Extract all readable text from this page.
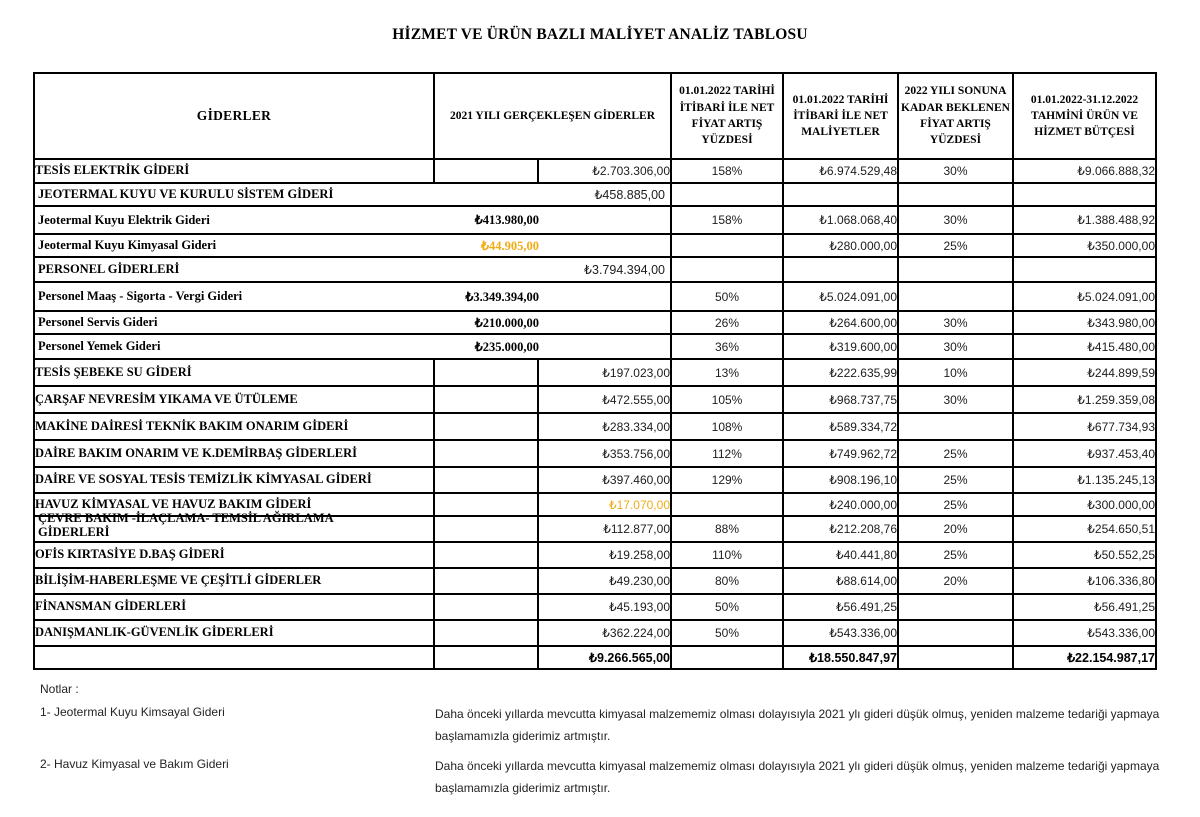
HİZMET VE ÜRÜN BAZLI MALİYET ANALİZ TABLOSU
GİDERLER	2021 YILI GERÇEKLEŞEN GİDERLER		01.01.2022 TARİHİ İTİBARİ İLE NET FİYAT ARTIŞ YÜZDESİ	01.01.2022 TARİHİ İTİBARİ İLE NET MALİYETLER	2022 YILI SONUNA KADAR BEKLENEN FİYAT ARTIŞ YÜZDESİ	01.01.2022-31.12.2022 TAHMİNİ ÜRÜN VE HİZMET BÜTÇESİ
TESİS ELEKTRİK GİDERİ		₺2.703.306,00	158%	₺6.974.529,48	30%	₺9.066.888,32

JEOTERMAL KUYU VE KURULU SİSTEM GİDERİ ₺458.885,00						

Jeotermal Kuyu Elektrik Gideri ₺413.980,00			158%	₺1.068.068,40	30%	₺1.388.488,92

Jeotermal Kuyu Kimyasal Gideri ₺44.905,00				₺280.000,00	25%	₺350.000,00

PERSONEL GİDERLERİ ₺3.794.394,00						

Personel Maaş - Sigorta - Vergi Gideri ₺3.349.394,00			50%	₺5.024.091,00		₺5.024.091,00

Personel Servis Gideri ₺210.000,00			26%	₺264.600,00	30%	₺343.980,00

Personel Yemek Gideri ₺235.000,00			36%	₺319.600,00	30%	₺415.480,00
TESİS ŞEBEKE SU GİDERİ		₺197.023,00	13%	₺222.635,99	10%	₺244.899,59
ÇARŞAF NEVRESİM YIKAMA VE ÜTÜLEME		₺472.555,00	105%	₺968.737,75	30%	₺1.259.359,08
MAKİNE DAİRESİ TEKNİK BAKIM ONARIM GİDERİ		₺283.334,00	108%	₺589.334,72		₺677.734,93
DAİRE BAKIM ONARIM VE K.DEMİRBAŞ GİDERLERİ		₺353.756,00	112%	₺749.962,72	25%	₺937.453,40
DAİRE VE SOSYAL TESİS TEMİZLİK KİMYASAL GİDERİ		₺397.460,00	129%	₺908.196,10	25%	₺1.135.245,13
HAVUZ KİMYASAL VE HAVUZ BAKIM GİDERİ		₺17.070,00		₺240.000,00	25%	₺300.000,00

ÇEVRE BAKIM -İLAÇLAMA- TEMSİL AĞIRLAMA
GİDERLERİ		₺112.877,00	88%	₺212.208,76	20%	₺254.650,51
OFİS KIRTASİYE D.BAŞ GİDERİ		₺19.258,00	110%	₺40.441,80	25%	₺50.552,25
BİLİŞİM-HABERLEŞME VE ÇEŞİTLİ GİDERLER		₺49.230,00	80%	₺88.614,00	20%	₺106.336,80
FİNANSMAN GİDERLERİ		₺45.193,00	50%	₺56.491,25		₺56.491,25
DANIŞMANLIK-GÜVENLİK GİDERLERİ		₺362.224,00	50%	₺543.336,00		₺543.336,00
		₺9.266.565,00		₺18.550.847,97		₺22.154.987,17
Notlar :
1- Jeotermal Kuyu Kimsayal Gideri	Daha önceki yıllarda mevcutta kimyasal malzememiz olması dolayısıyla 2021 ylı gideri düşük olmuş, yeniden malzeme tedariği yapmaya başlamamızla giderimiz artmıştır.
2- Havuz Kimyasal ve Bakım Gideri	Daha önceki yıllarda mevcutta kimyasal malzememiz olması dolayısıyla 2021 ylı gideri düşük olmuş, yeniden malzeme tedariği yapmaya başlamamızla giderimiz artmıştır.
